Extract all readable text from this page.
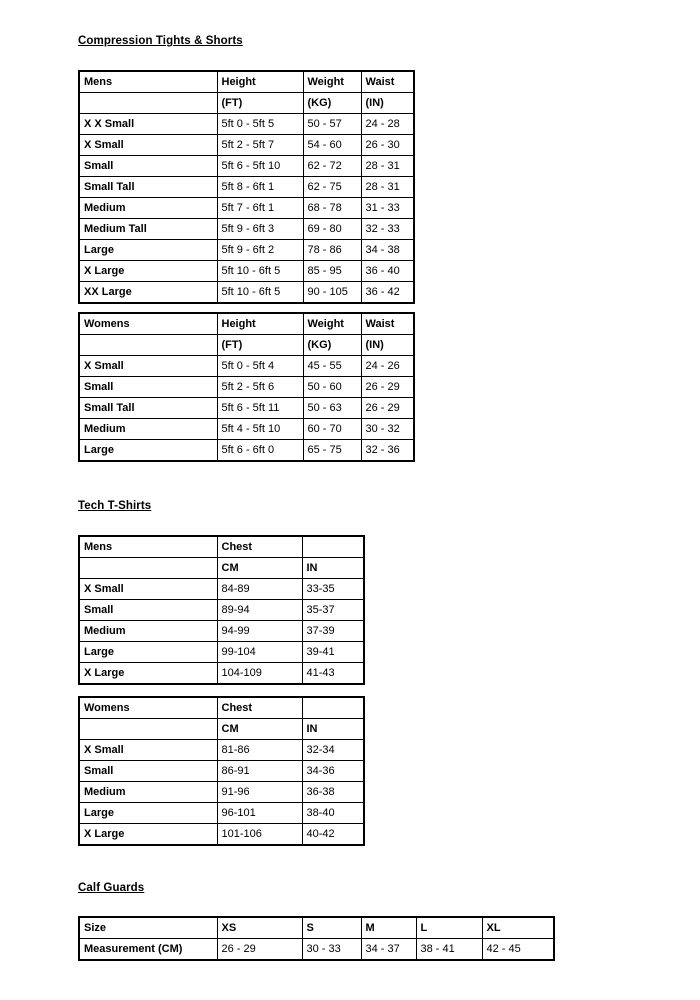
Compression Tights & Shorts
Mens	Height	Weight	Waist
	(FT)	(KG)	(IN)
X X Small	5ft 0 - 5ft 5	50 - 57	24 - 28
X Small	5ft 2 - 5ft 7	54 - 60	26 - 30
Small	5ft 6 - 5ft 10	62 - 72	28 - 31
Small Tall	5ft 8 - 6ft 1	62 - 75	28 - 31
Medium	5ft 7 - 6ft 1	68 - 78	31 - 33
Medium Tall	5ft 9 - 6ft 3	69 - 80	32 - 33
Large	5ft 9 - 6ft 2	78 - 86	34 - 38
X Large	5ft 10 - 6ft 5	85 - 95	36 - 40
XX Large	5ft 10 - 6ft 5	90 - 105	36 - 42
Womens	Height	Weight	Waist
	(FT)	(KG)	(IN)
X Small	5ft 0 - 5ft 4	45 - 55	24 - 26
Small	5ft 2 - 5ft 6	50 - 60	26 - 29
Small Tall	5ft 6 - 5ft 11	50 - 63	26 - 29
Medium	5ft 4 - 5ft 10	60 - 70	30 - 32
Large	5ft 6 - 6ft 0	65 - 75	32 - 36
Tech T-Shirts
Mens	Chest	
	CM	IN
X Small	84-89	33-35
Small	89-94	35-37
Medium	94-99	37-39
Large	99-104	39-41
X Large	104-109	41-43
Womens	Chest	
	CM	IN
X Small	81-86	32-34
Small	86-91	34-36
Medium	91-96	36-38
Large	96-101	38-40
X Large	101-106	40-42
Calf Guards
Size	XS	S	M	L	XL
Measurement (CM)	26 - 29	30 - 33	34 - 37	38 - 41	42 - 45
